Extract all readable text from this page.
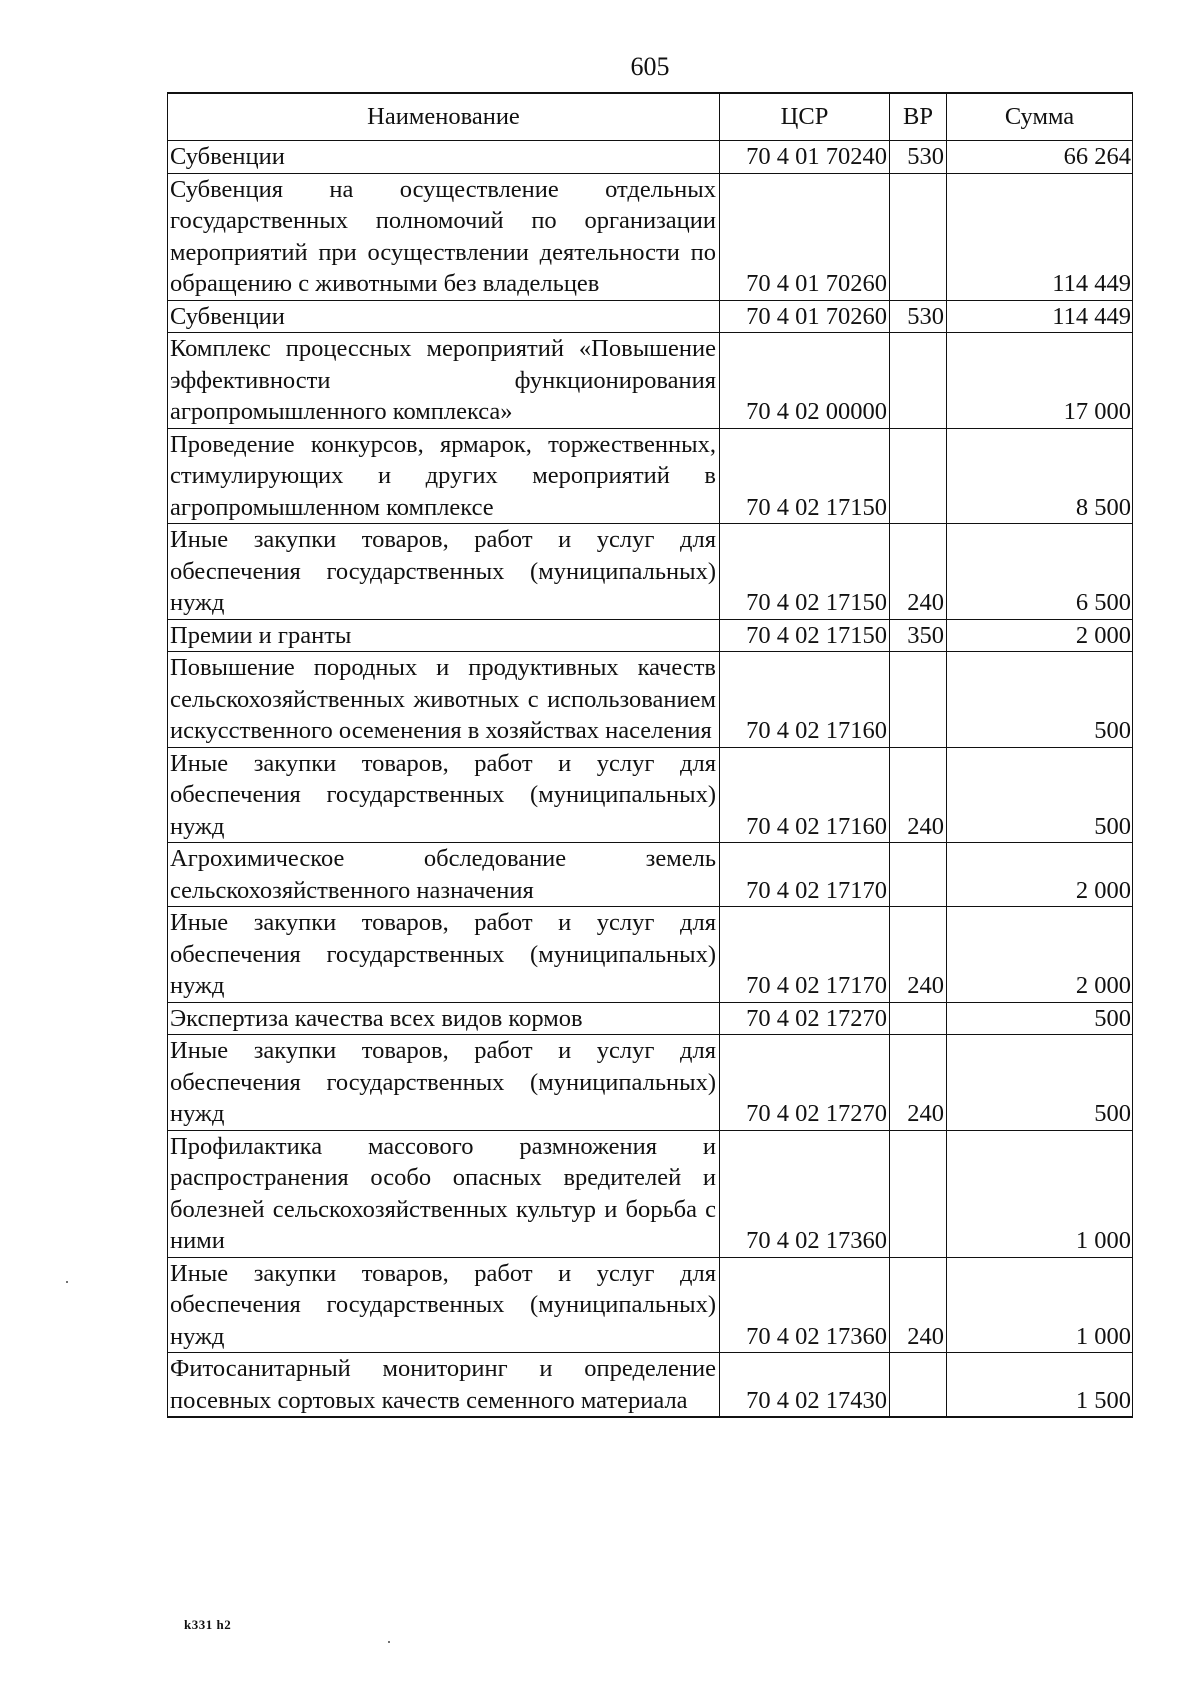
605
Наименование	ЦСР	ВР	Сумма
Субвенции	70 4 01 70240	530	66 264
Субвенция на осуществление отдельных государственных полномочий по организации мероприятий при осуществлении деятельности по обращению с животными без владельцев	70 4 01 70260		114 449
Субвенции	70 4 01 70260	530	114 449
Комплекс процессных мероприятий «Повышение эффективности функционирования агропромышленного комплекса»	70 4 02 00000		17 000
Проведение конкурсов, ярмарок, торжественных, стимулирующих и других мероприятий в агропромышленном комплексе	70 4 02 17150		8 500
Иные закупки товаров, работ и услуг для обеспечения государственных (муниципальных) нужд	70 4 02 17150	240	6 500
Премии и гранты	70 4 02 17150	350	2 000
Повышение породных и продуктивных качеств сельскохозяйственных животных с использованием искусственного осеменения в хозяйствах населения	70 4 02 17160		500
Иные закупки товаров, работ и услуг для обеспечения государственных (муниципальных) нужд	70 4 02 17160	240	500
Агрохимическое обследование земель сельскохозяйственного назначения	70 4 02 17170		2 000
Иные закупки товаров, работ и услуг для обеспечения государственных (муниципальных) нужд	70 4 02 17170	240	2 000
Экспертиза качества всех видов кормов	70 4 02 17270		500
Иные закупки товаров, работ и услуг для обеспечения государственных (муниципальных) нужд	70 4 02 17270	240	500
Профилактика массового размножения и распространения особо опасных вредителей и болезней сельскохозяйственных культур и борьба с ними	70 4 02 17360		1 000
Иные закупки товаров, работ и услуг для обеспечения государственных (муниципальных) нужд	70 4 02 17360	240	1 000
Фитосанитарный мониторинг и определение посевных сортовых качеств семенного материала	70 4 02 17430		1 500
k331 h2
